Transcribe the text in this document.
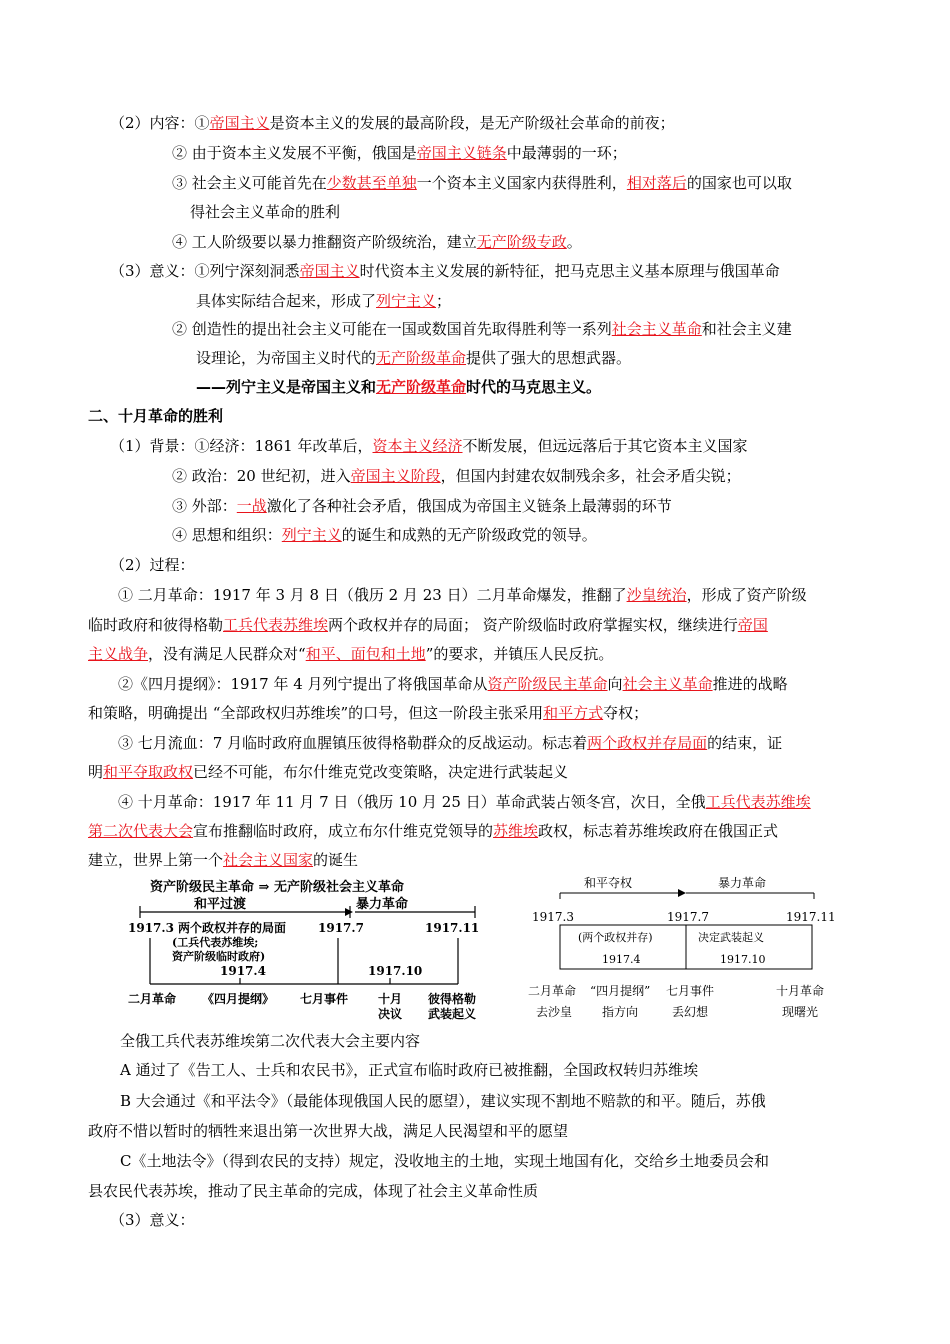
（2）内容：①帝国主义是资本主义的发展的最高阶段，是无产阶级社会革命的前夜；
② 由于资本主义发展不平衡，俄国是帝国主义链条中最薄弱的一环；
③ 社会主义可能首先在少数甚至单独一个资本主义国家内获得胜利，相对落后的国家也可以取
得社会主义革命的胜利
④ 工人阶级要以暴力推翻资产阶级统治，建立无产阶级专政。
（3）意义：①列宁深刻洞悉帝国主义时代资本主义发展的新特征，把马克思主义基本原理与俄国革命
具体实际结合起来，形成了列宁主义；
② 创造性的提出社会主义可能在一国或数国首先取得胜利等一系列社会主义革命和社会主义建
设理论，为帝国主义时代的无产阶级革命提供了强大的思想武器。
——列宁主义是帝国主义和无产阶级革命时代的马克思主义。
二、十月革命的胜利
（1）背景：①经济：1861 年改革后，资本主义经济不断发展，但远远落后于其它资本主义国家
② 政治：20 世纪初，进入帝国主义阶段，但国内封建农奴制残余多，社会矛盾尖锐；
③ 外部：一战激化了各种社会矛盾，俄国成为帝国主义链条上最薄弱的环节
④ 思想和组织：列宁主义的诞生和成熟的无产阶级政党的领导。
（2）过程：
① 二月革命：1917 年 3 月 8 日（俄历 2 月 23 日）二月革命爆发，推翻了沙皇统治，形成了资产阶级
临时政府和彼得格勒工兵代表苏维埃两个政权并存的局面； 资产阶级临时政府掌握实权，继续进行帝国
主义战争，没有满足人民群众对“和平、面包和土地”的要求，并镇压人民反抗。
②《四月提纲》：1917 年 4 月列宁提出了将俄国革命从资产阶级民主革命向社会主义革命推进的战略
和策略，明确提出 “全部政权归苏维埃”的口号，但这一阶段主张采用和平方式夺权；
③ 七月流血：7 月临时政府血腥镇压彼得格勒群众的反战运动。标志着两个政权并存局面的结束，证
明和平夺取政权已经不可能，布尔什维克党改变策略，决定进行武装起义
④ 十月革命：1917 年 11 月 7 日（俄历 10 月 25 日）革命武装占领冬宫，次日，全俄工兵代表苏维埃
第二次代表大会宣布推翻临时政府，成立布尔什维克党领导的苏维埃政权，标志着苏维埃政府在俄国正式
建立，世界上第一个社会主义国家的诞生
资产阶级民主革命 ⇒ 无产阶级社会主义革命
和平过渡	暴力革命
1917.3 两个政权并存的局面	1917.7	1917.11
(工兵代表苏维埃;
资产阶级临时政府)
1917.4	1917.10
二月革命 《四月提纲》 七月事件 十月
决议
彼得格勒
武装起义
和平夺权	暴力革命
1917.3	1917.7	1917.11
(两个政权并存)	决定武装起义
1917.4	1917.10
二月革命 “四月提纲” 七月事件	十月革命
去沙皇 指方向	丢幻想	现曙光
全俄工兵代表苏维埃第二次代表大会主要内容
A 通过了《告工人、士兵和农民书》，正式宣布临时政府已被推翻，全国政权转归苏维埃
B 大会通过《和平法令》（最能体现俄国人民的愿望），建议实现不割地不赔款的和平。随后，苏俄
政府不惜以暂时的牺牲来退出第一次世界大战，满足人民渴望和平的愿望
C《土地法令》（得到农民的支持）规定，没收地主的土地，实现土地国有化，交给乡土地委员会和
县农民代表苏埃，推动了民主革命的完成，体现了社会主义革命性质
（3）意义：
